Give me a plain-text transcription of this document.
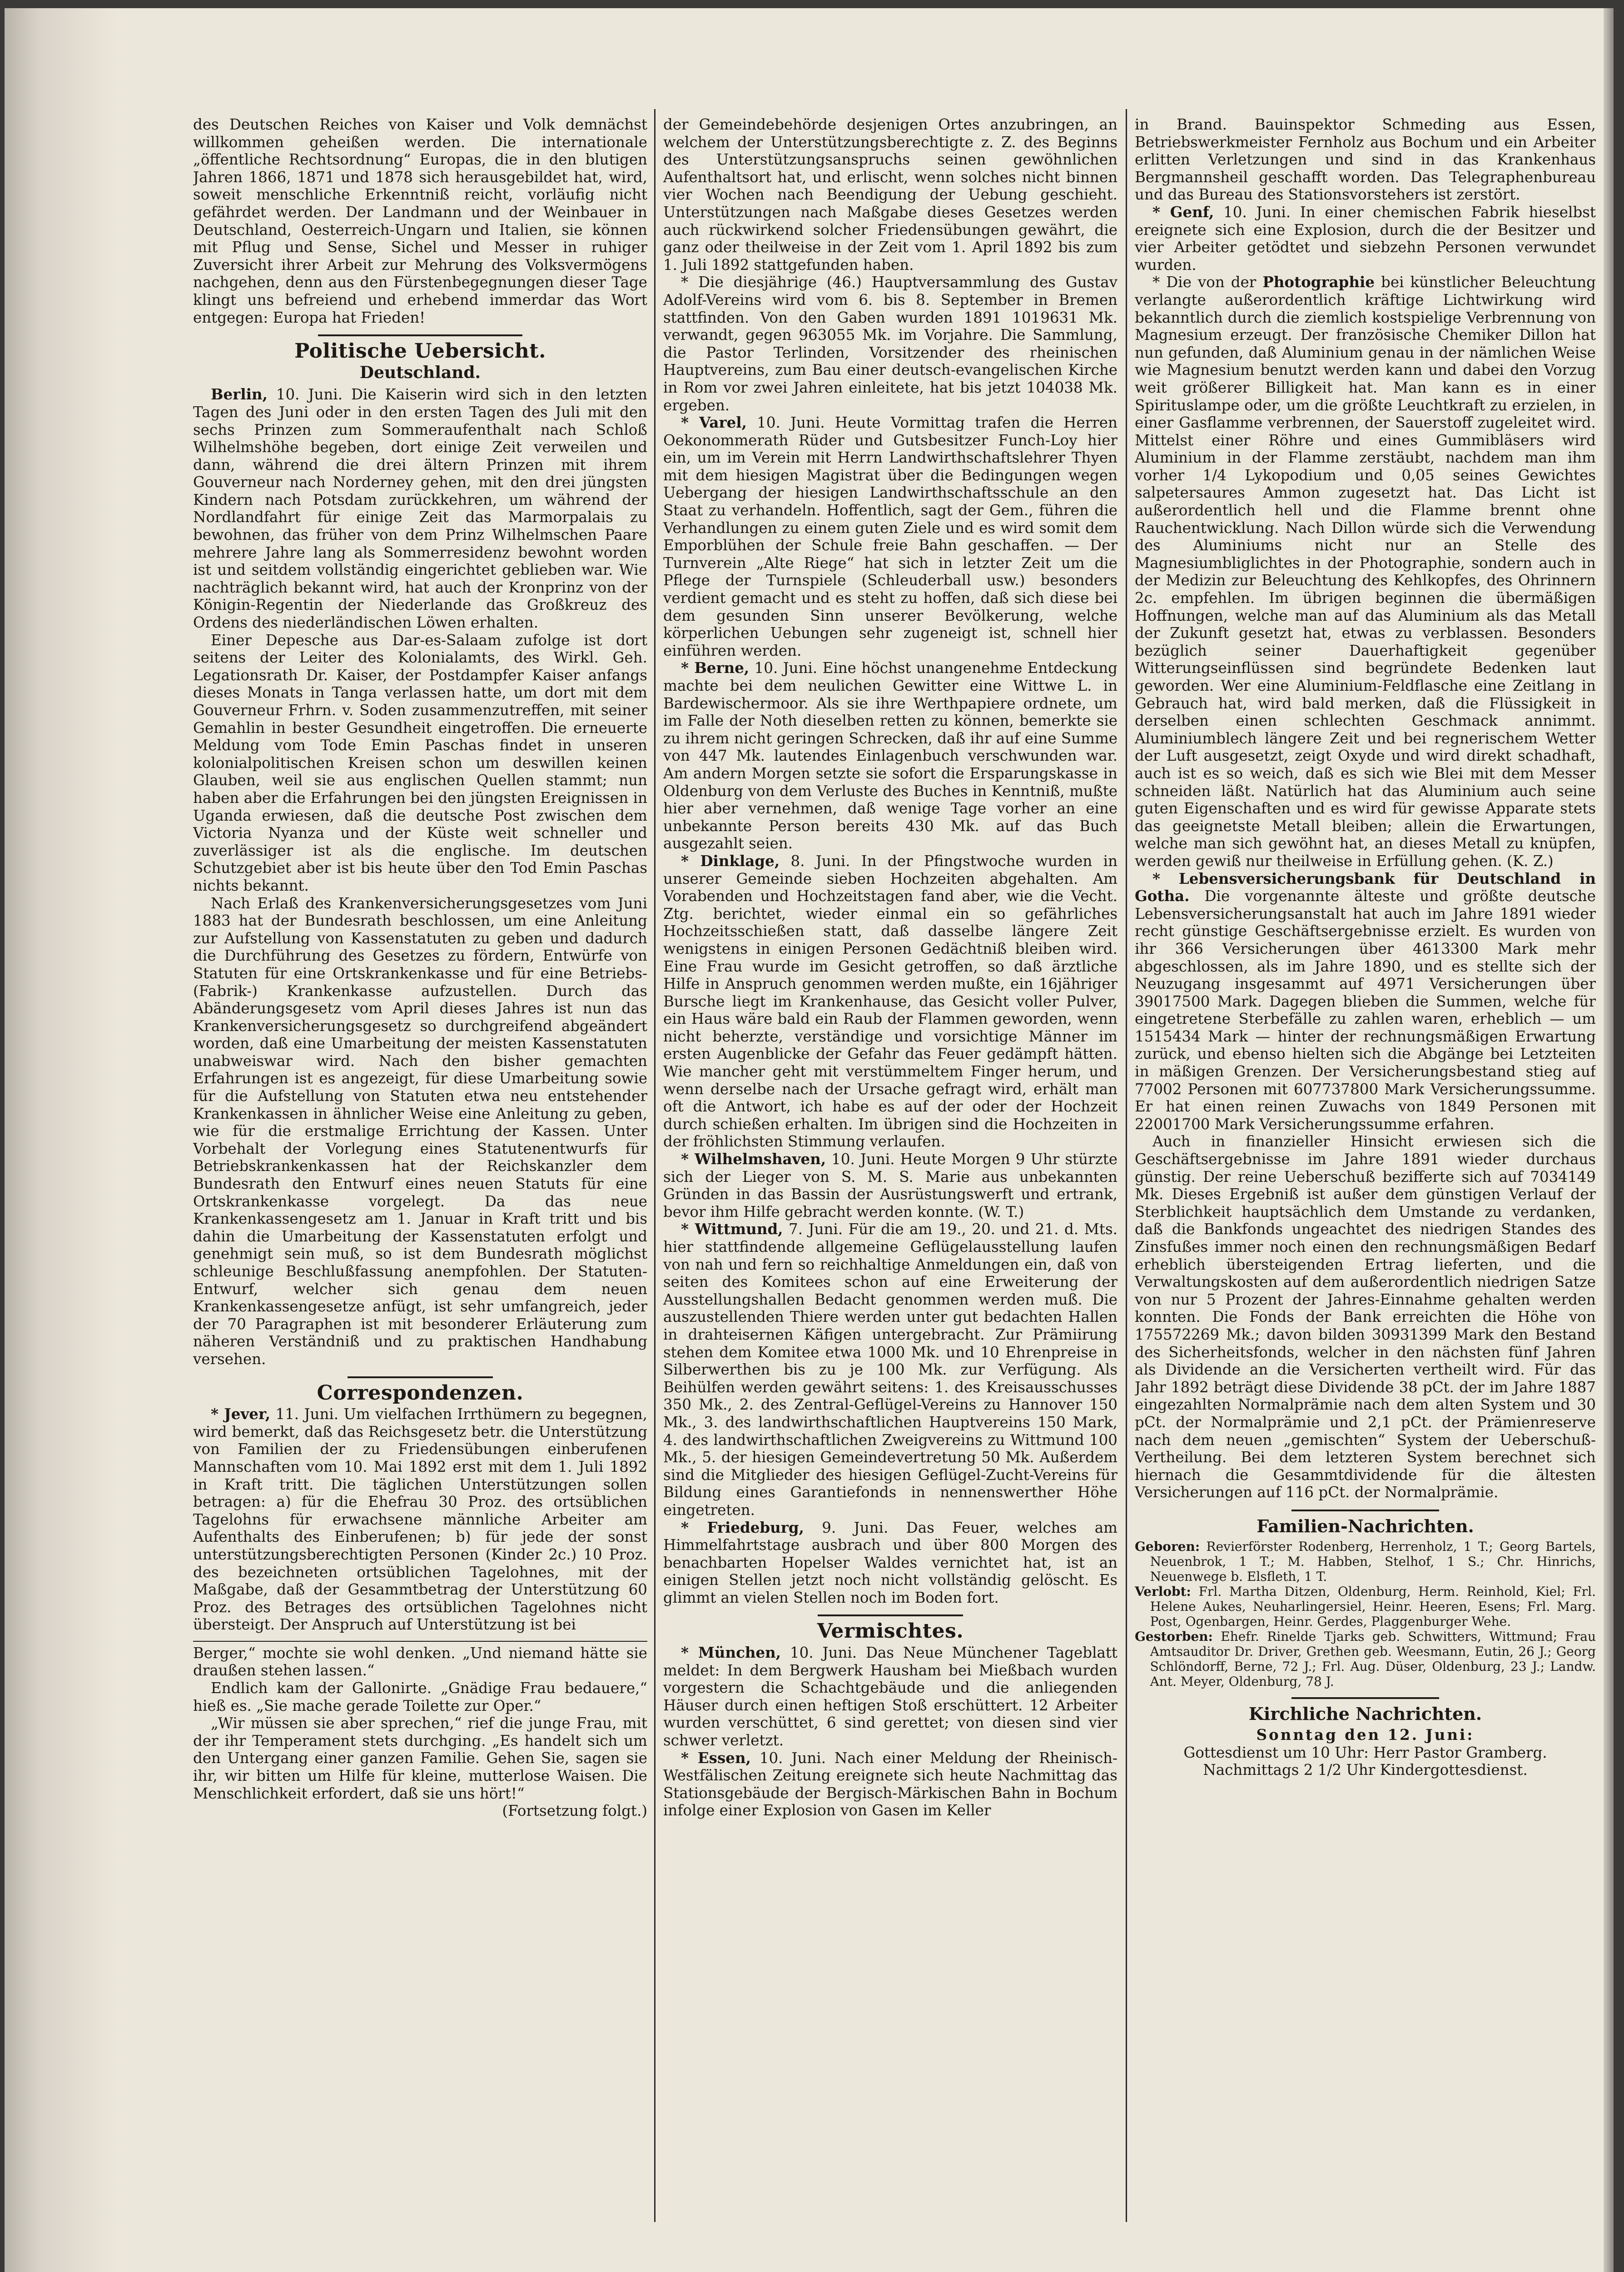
des Deutschen Reiches von Kaiser und Volk demnächst willkommen geheißen werden. Die internationale „öffentliche Rechtsordnung“ Europas, die in den blutigen Jahren 1866, 1871 und 1878 sich herausgebildet hat, wird, soweit menschliche Erkenntniß reicht, vorläufig nicht gefährdet werden. Der Landmann und der Weinbauer in Deutschland, Oesterreich-Ungarn und Italien, sie können mit Pflug und Sense, Sichel und Messer in ruhiger Zuversicht ihrer Arbeit zur Mehrung des Volksvermögens nachgehen, denn aus den Fürstenbegegnungen dieser Tage klingt uns befreiend und erhebend immerdar das Wort entgegen: Europa hat Frieden!

Politische Uebersicht.
Deutschland.

Berlin, 10. Juni. Die Kaiserin wird sich in den letzten Tagen des Juni oder in den ersten Tagen des Juli mit den sechs Prinzen zum Sommeraufenthalt nach Schloß Wilhelmshöhe begeben, dort einige Zeit verweilen und dann, während die drei ältern Prinzen mit ihrem Gouverneur nach Norderney gehen, mit den drei jüngsten Kindern nach Potsdam zurückkehren, um während der Nordlandfahrt für einige Zeit das Marmorpalais zu bewohnen, das früher von dem Prinz Wilhelmschen Paare mehrere Jahre lang als Sommerresidenz bewohnt worden ist und seitdem vollständig eingerichtet geblieben war. Wie nachträglich bekannt wird, hat auch der Kronprinz von der Königin-Regentin der Niederlande das Großkreuz des Ordens des niederländischen Löwen erhalten.

Einer Depesche aus Dar-es-Salaam zufolge ist dort seitens der Leiter des Kolonialamts, des Wirkl. Geh. Legationsrath Dr. Kaiser, der Postdampfer Kaiser anfangs dieses Monats in Tanga verlassen hatte, um dort mit dem Gouverneur Frhrn. v. Soden zusammenzutreffen, mit seiner Gemahlin in bester Gesundheit eingetroffen. Die erneuerte Meldung vom Tode Emin Paschas findet in unseren kolonialpolitischen Kreisen schon um deswillen keinen Glauben, weil sie aus englischen Quellen stammt; nun haben aber die Erfahrungen bei den jüngsten Ereignissen in Uganda erwiesen, daß die deutsche Post zwischen dem Victoria Nyanza und der Küste weit schneller und zuverlässiger ist als die englische. Im deutschen Schutzgebiet aber ist bis heute über den Tod Emin Paschas nichts bekannt.

Nach Erlaß des Krankenversicherungsgesetzes vom Juni 1883 hat der Bundesrath beschlossen, um eine Anleitung zur Aufstellung von Kassenstatuten zu geben und dadurch die Durchführung des Gesetzes zu fördern, Entwürfe von Statuten für eine Ortskrankenkasse und für eine Betriebs- (Fabrik-) Krankenkasse aufzustellen. Durch das Abänderungsgesetz vom April dieses Jahres ist nun das Krankenversicherungsgesetz so durchgreifend abgeändert worden, daß eine Umarbeitung der meisten Kassenstatuten unabweiswar wird. Nach den bisher gemachten Erfahrungen ist es angezeigt, für diese Umarbeitung sowie für die Aufstellung von Statuten etwa neu entstehender Krankenkassen in ähnlicher Weise eine Anleitung zu geben, wie für die erstmalige Errichtung der Kassen. Unter Vorbehalt der Vorlegung eines Statutenentwurfs für Betriebskrankenkassen hat der Reichskanzler dem Bundesrath den Entwurf eines neuen Statuts für eine Ortskrankenkasse vorgelegt. Da das neue Krankenkassengesetz am 1. Januar in Kraft tritt und bis dahin die Umarbeitung der Kassenstatuten erfolgt und genehmigt sein muß, so ist dem Bundesrath möglichst schleunige Beschlußfassung anempfohlen. Der Statuten-Entwurf, welcher sich genau dem neuen Krankenkassengesetze anfügt, ist sehr umfangreich, jeder der 70 Paragraphen ist mit besonderer Erläuterung zum näheren Verständniß und zu praktischen Handhabung versehen.

Correspondenzen.

* Jever, 11. Juni. Um vielfachen Irrthümern zu begegnen, wird bemerkt, daß das Reichsgesetz betr. die Unterstützung von Familien der zu Friedensübungen einberufenen Mannschaften vom 10. Mai 1892 erst mit dem 1. Juli 1892 in Kraft tritt. Die täglichen Unterstützungen sollen betragen: a) für die Ehefrau 30 Proz. des ortsüblichen Tagelohns für erwachsene männliche Arbeiter am Aufenthalts des Einberufenen; b) für jede der sonst unterstützungsberechtigten Personen (Kinder 2c.) 10 Proz. des bezeichneten ortsüblichen Tagelohnes, mit der Maßgabe, daß der Gesammtbetrag der Unterstützung 60 Proz. des Betrages des ortsüblichen Tagelohnes nicht übersteigt. Der Anspruch auf Unterstützung ist bei

Berger,“ mochte sie wohl denken. „Und niemand hätte sie draußen stehen lassen.“

Endlich kam der Gallonirte. „Gnädige Frau bedauere,“ hieß es. „Sie mache gerade Toilette zur Oper.“

„Wir müssen sie aber sprechen,“ rief die junge Frau, mit der ihr Temperament stets durchging. „Es handelt sich um den Untergang einer ganzen Familie. Gehen Sie, sagen sie ihr, wir bitten um Hilfe für kleine, mutterlose Waisen. Die Menschlichkeit erfordert, daß sie uns hört!“

(Fortsetzung folgt.)

der Gemeindebehörde desjenigen Ortes anzubringen, an welchem der Unterstützungsberechtigte z. Z. des Beginns des Unterstützungsanspruchs seinen gewöhnlichen Aufenthaltsort hat, und erlischt, wenn solches nicht binnen vier Wochen nach Beendigung der Uebung geschieht. Unterstützungen nach Maßgabe dieses Gesetzes werden auch rückwirkend solcher Friedensübungen gewährt, die ganz oder theilweise in der Zeit vom 1. April 1892 bis zum 1. Juli 1892 stattgefunden haben.

* Die diesjährige (46.) Hauptversammlung des Gustav Adolf-Vereins wird vom 6. bis 8. September in Bremen stattfinden. Von den Gaben wurden 1891 1019631 Mk. verwandt, gegen 963055 Mk. im Vorjahre. Die Sammlung, die Pastor Terlinden, Vorsitzender des rheinischen Hauptvereins, zum Bau einer deutsch-evangelischen Kirche in Rom vor zwei Jahren einleitete, hat bis jetzt 104038 Mk. ergeben.

* Varel, 10. Juni. Heute Vormittag trafen die Herren Oekonommerath Rüder und Gutsbesitzer Funch-Loy hier ein, um im Verein mit Herrn Landwirthschaftslehrer Thyen mit dem hiesigen Magistrat über die Bedingungen wegen Uebergang der hiesigen Landwirthschaftsschule an den Staat zu verhandeln. Hoffentlich, sagt der Gem., führen die Verhandlungen zu einem guten Ziele und es wird somit dem Emporblühen der Schule freie Bahn geschaffen. — Der Turnverein „Alte Riege“ hat sich in letzter Zeit um die Pflege der Turnspiele (Schleuderball usw.) besonders verdient gemacht und es steht zu hoffen, daß sich diese bei dem gesunden Sinn unserer Bevölkerung, welche körperlichen Uebungen sehr zugeneigt ist, schnell hier einführen werden.

* Berne, 10. Juni. Eine höchst unangenehme Entdeckung machte bei dem neulichen Gewitter eine Wittwe L. in Bardewischermoor. Als sie ihre Werthpapiere ordnete, um im Falle der Noth dieselben retten zu können, bemerkte sie zu ihrem nicht geringen Schrecken, daß ihr auf eine Summe von 447 Mk. lautendes Einlagenbuch verschwunden war. Am andern Morgen setzte sie sofort die Ersparungskasse in Oldenburg von dem Verluste des Buches in Kenntniß, mußte hier aber vernehmen, daß wenige Tage vorher an eine unbekannte Person bereits 430 Mk. auf das Buch ausgezahlt seien.

* Dinklage, 8. Juni. In der Pfingstwoche wurden in unserer Gemeinde sieben Hochzeiten abgehalten. Am Vorabenden und Hochzeitstagen fand aber, wie die Vecht. Ztg. berichtet, wieder einmal ein so gefährliches Hochzeitsschießen statt, daß dasselbe längere Zeit wenigstens in einigen Personen Gedächtniß bleiben wird. Eine Frau wurde im Gesicht getroffen, so daß ärztliche Hilfe in Anspruch genommen werden mußte, ein 16jähriger Bursche liegt im Krankenhause, das Gesicht voller Pulver, ein Haus wäre bald ein Raub der Flammen geworden, wenn nicht beherzte, verständige und vorsichtige Männer im ersten Augenblicke der Gefahr das Feuer gedämpft hätten. Wie mancher geht mit verstümmeltem Finger herum, und wenn derselbe nach der Ursache gefragt wird, erhält man oft die Antwort, ich habe es auf der oder der Hochzeit durch schießen erhalten. Im übrigen sind die Hochzeiten in der fröhlichsten Stimmung verlaufen.

* Wilhelmshaven, 10. Juni. Heute Morgen 9 Uhr stürzte sich der Lieger von S. M. S. Marie aus unbekannten Gründen in das Bassin der Ausrüstungswerft und ertrank, bevor ihm Hilfe gebracht werden konnte. (W. T.)

* Wittmund, 7. Juni. Für die am 19., 20. und 21. d. Mts. hier stattfindende allgemeine Geflügelausstellung laufen von nah und fern so reichhaltige Anmeldungen ein, daß von seiten des Komitees schon auf eine Erweiterung der Ausstellungshallen Bedacht genommen werden muß. Die auszustellenden Thiere werden unter gut bedachten Hallen in drahteisernen Käfigen untergebracht. Zur Prämiirung stehen dem Komitee etwa 1000 Mk. und 10 Ehrenpreise in Silberwerthen bis zu je 100 Mk. zur Verfügung. Als Beihülfen werden gewährt seitens: 1. des Kreisausschusses 350 Mk., 2. des Zentral-Geflügel-Vereins zu Hannover 150 Mk., 3. des landwirthschaftlichen Hauptvereins 150 Mark, 4. des landwirthschaftlichen Zweigvereins zu Wittmund 100 Mk., 5. der hiesigen Gemeindevertretung 50 Mk. Außerdem sind die Mitglieder des hiesigen Geflügel-Zucht-Vereins für Bildung eines Garantiefonds in nennenswerther Höhe eingetreten.

* Friedeburg, 9. Juni. Das Feuer, welches am Himmelfahrtstage ausbrach und über 800 Morgen des benachbarten Hopelser Waldes vernichtet hat, ist an einigen Stellen jetzt noch nicht vollständig gelöscht. Es glimmt an vielen Stellen noch im Boden fort.

Vermischtes.

* München, 10. Juni. Das Neue Münchener Tageblatt meldet: In dem Bergwerk Hausham bei Mießbach wurden vorgestern die Schachtgebäude und die anliegenden Häuser durch einen heftigen Stoß erschüttert. 12 Arbeiter wurden verschüttet, 6 sind gerettet; von diesen sind vier schwer verletzt.

* Essen, 10. Juni. Nach einer Meldung der Rheinisch-Westfälischen Zeitung ereignete sich heute Nachmittag das Stationsgebäude der Bergisch-Märkischen Bahn in Bochum infolge einer Explosion von Gasen im Keller

in Brand. Bauinspektor Schmeding aus Essen, Betriebswerkmeister Fernholz aus Bochum und ein Arbeiter erlitten Verletzungen und sind in das Krankenhaus Bergmannsheil geschafft worden. Das Telegraphenbureau und das Bureau des Stationsvorstehers ist zerstört.

* Genf, 10. Juni. In einer chemischen Fabrik hieselbst ereignete sich eine Explosion, durch die der Besitzer und vier Arbeiter getödtet und siebzehn Personen verwundet wurden.

* Die von der Photographie bei künstlicher Beleuchtung verlangte außerordentlich kräftige Lichtwirkung wird bekanntlich durch die ziemlich kostspielige Verbrennung von Magnesium erzeugt. Der französische Chemiker Dillon hat nun gefunden, daß Aluminium genau in der nämlichen Weise wie Magnesium benutzt werden kann und dabei den Vorzug weit größerer Billigkeit hat. Man kann es in einer Spirituslampe oder, um die größte Leuchtkraft zu erzielen, in einer Gasflamme verbrennen, der Sauerstoff zugeleitet wird. Mittelst einer Röhre und eines Gummibläsers wird Aluminium in der Flamme zerstäubt, nachdem man ihm vorher 1/4 Lykopodium und 0,05 seines Gewichtes salpetersaures Ammon zugesetzt hat. Das Licht ist außerordentlich hell und die Flamme brennt ohne Rauchentwicklung. Nach Dillon würde sich die Verwendung des Aluminiums nicht nur an Stelle des Magnesiumbliglichtes in der Photographie, sondern auch in der Medizin zur Beleuchtung des Kehlkopfes, des Ohrinnern 2c. empfehlen. Im übrigen beginnen die übermäßigen Hoffnungen, welche man auf das Aluminium als das Metall der Zukunft gesetzt hat, etwas zu verblassen. Besonders bezüglich seiner Dauerhaftigkeit gegenüber Witterungseinflüssen sind begründete Bedenken laut geworden. Wer eine Aluminium-Feldflasche eine Zeitlang in Gebrauch hat, wird bald merken, daß die Flüssigkeit in derselben einen schlechten Geschmack annimmt. Aluminiumblech längere Zeit und bei regnerischem Wetter der Luft ausgesetzt, zeigt Oxyde und wird direkt schadhaft, auch ist es so weich, daß es sich wie Blei mit dem Messer schneiden läßt. Natürlich hat das Aluminium auch seine guten Eigenschaften und es wird für gewisse Apparate stets das geeignetste Metall bleiben; allein die Erwartungen, welche man sich gewöhnt hat, an dieses Metall zu knüpfen, werden gewiß nur theilweise in Erfüllung gehen. (K. Z.)

* Lebensversicherungsbank für Deutschland in Gotha. Die vorgenannte älteste und größte deutsche Lebensversicherungsanstalt hat auch im Jahre 1891 wieder recht günstige Geschäftsergebnisse erzielt. Es wurden von ihr 366 Versicherungen über 4613300 Mark mehr abgeschlossen, als im Jahre 1890, und es stellte sich der Neuzugang insgesammt auf 4971 Versicherungen über 39017500 Mark. Dagegen blieben die Summen, welche für eingetretene Sterbefälle zu zahlen waren, erheblich — um 1515434 Mark — hinter der rechnungsmäßigen Erwartung zurück, und ebenso hielten sich die Abgänge bei Letzteiten in mäßigen Grenzen. Der Versicherungsbestand stieg auf 77002 Personen mit 607737800 Mark Versicherungssumme. Er hat einen reinen Zuwachs von 1849 Personen mit 22001700 Mark Versicherungssumme erfahren.

Auch in finanzieller Hinsicht erwiesen sich die Geschäftsergebnisse im Jahre 1891 wieder durchaus günstig. Der reine Ueberschuß bezifferte sich auf 7034149 Mk. Dieses Ergebniß ist außer dem günstigen Verlauf der Sterblichkeit hauptsächlich dem Umstande zu verdanken, daß die Bankfonds ungeachtet des niedrigen Standes des Zinsfußes immer noch einen den rechnungsmäßigen Bedarf erheblich übersteigenden Ertrag lieferten, und die Verwaltungskosten auf dem außerordentlich niedrigen Satze von nur 5 Prozent der Jahres-Einnahme gehalten werden konnten. Die Fonds der Bank erreichten die Höhe von 175572269 Mk.; davon bilden 30931399 Mark den Bestand des Sicherheitsfonds, welcher in den nächsten fünf Jahren als Dividende an die Versicherten vertheilt wird. Für das Jahr 1892 beträgt diese Dividende 38 pCt. der im Jahre 1887 eingezahlten Normalprämie nach dem alten System und 30 pCt. der Normalprämie und 2,1 pCt. der Prämienreserve nach dem neuen „gemischten“ System der Ueberschuß-Vertheilung. Bei dem letzteren System berechnet sich hiernach die Gesammtdividende für die ältesten Versicherungen auf 116 pCt. der Normalprämie.

Familien-Nachrichten.

Geboren: Revierförster Rodenberg, Herrenholz, 1 T.; Georg Bartels, Neuenbrok, 1 T.; M. Habben, Stelhof, 1 S.; Chr. Hinrichs, Neuenwege b. Elsfleth, 1 T.

Verlobt: Frl. Martha Ditzen, Oldenburg, Herm. Reinhold, Kiel; Frl. Helene Aukes, Neuharlingersiel, Heinr. Heeren, Esens; Frl. Marg. Post, Ogenbargen, Heinr. Gerdes, Plaggenburger Wehe.

Gestorben: Ehefr. Rinelde Tjarks geb. Schwitters, Wittmund; Frau Amtsauditor Dr. Driver, Grethen geb. Weesmann, Eutin, 26 J.; Georg Schlöndorff, Berne, 72 J.; Frl. Aug. Düser, Oldenburg, 23 J.; Landw. Ant. Meyer, Oldenburg, 78 J.

Kirchliche Nachrichten.

Sonntag den 12. Juni:

Gottesdienst um 10 Uhr: Herr Pastor Gramberg.

Nachmittags 2 1/2 Uhr Kindergottesdienst.
